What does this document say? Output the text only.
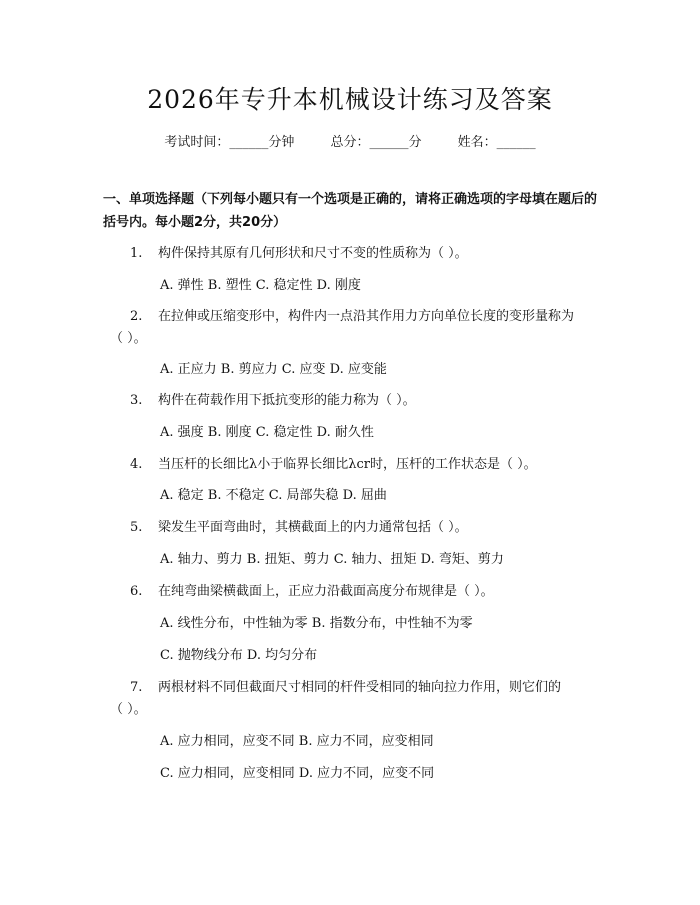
2026年专升本机械设计练习及答案
考试时间：______分钟	总分：______分	姓名：______
一、单项选择题（下列每小题只有一个选项是正确的，请将正确选项的字母填在题后的括号内。每小题2分，共20分）
1. 构件保持其原有几何形状和尺寸不变的性质称为（ ）。
A. 弹性 B. 塑性 C. 稳定性 D. 刚度
2. 在拉伸或压缩变形中，构件内一点沿其作用力方向单位长度的变形量称为
（ ）。
A. 正应力 B. 剪应力 C. 应变 D. 应变能
3. 构件在荷载作用下抵抗变形的能力称为（ ）。
A. 强度 B. 刚度 C. 稳定性 D. 耐久性
4. 当压杆的长细比λ小于临界长细比λcr时，压杆的工作状态是（ ）。
A. 稳定 B. 不稳定 C. 局部失稳 D. 屈曲
5. 梁发生平面弯曲时，其横截面上的内力通常包括（ ）。
A. 轴力、剪力 B. 扭矩、剪力 C. 轴力、扭矩 D. 弯矩、剪力
6. 在纯弯曲梁横截面上，正应力沿截面高度分布规律是（ ）。
A. 线性分布，中性轴为零 B. 指数分布，中性轴不为零
C. 抛物线分布 D. 均匀分布
7. 两根材料不同但截面尺寸相同的杆件受相同的轴向拉力作用，则它们的
（ ）。
A. 应力相同，应变不同 B. 应力不同，应变相同
C. 应力相同，应变相同 D. 应力不同，应变不同
